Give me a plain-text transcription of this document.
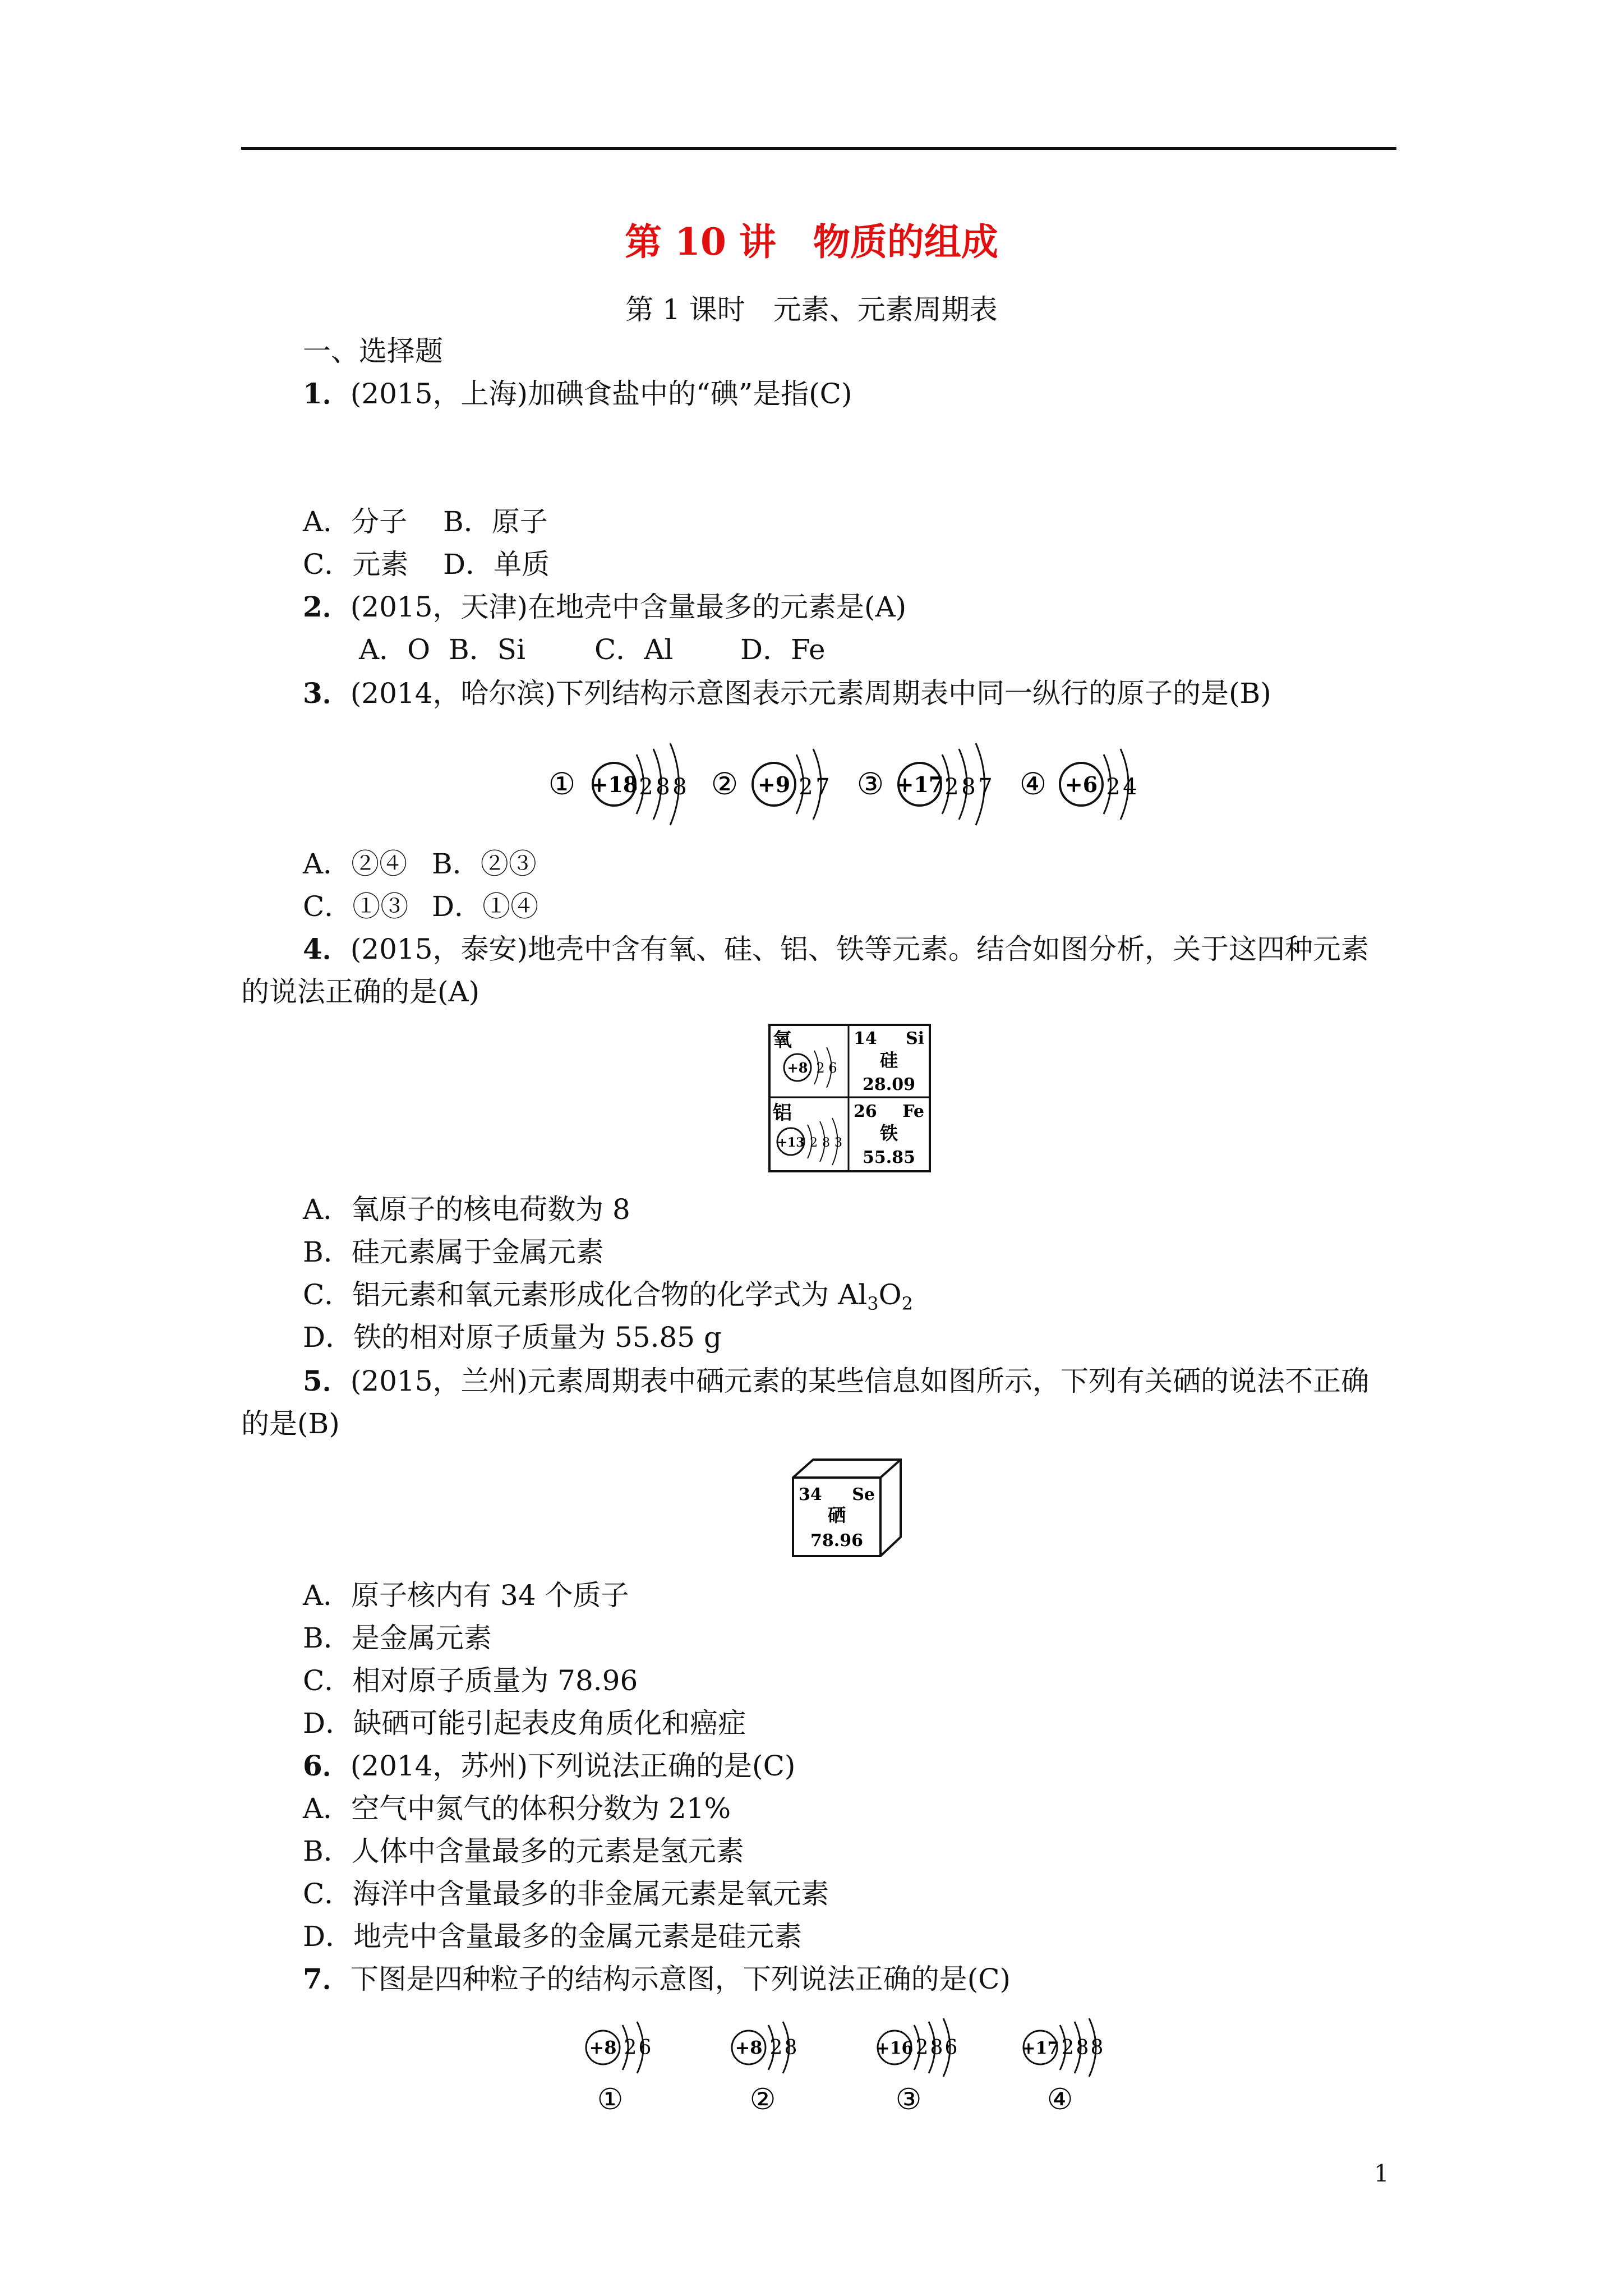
第 10 讲　物质的组成
第 1 课时　元素、元素周期表
一、选择题
1．(2015，上海)加碘食盐中的“碘”是指(C)
A．分子 B．原子
C．元素 D．单质
2．(2015，天津)在地壳中含量最多的元素是(A)
A．O B．Si C．Al D．Fe
3．(2014，哈尔滨)下列结构示意图表示元素周期表中同一纵行的原子的是(B)
① +18 2 8 8 ② +9 2 7 ③ +17 2 8 7 ④ +6 2 4
A．②④ B．②③
C．①③ D．①④
4．(2015，泰安)地壳中含有氧、硅、铝、铁等元素。结合如图分析，关于这四种元素
的说法正确的是(A)
氧
+8 2 6
14 Si
硅
28.09
铝
+13 2 8 3
26 Fe
铁
55.85
A．氧原子的核电荷数为 8
B．硅元素属于金属元素
C．铝元素和氧元素形成化合物的化学式为 $Al_3O_2$
D．铁的相对原子质量为 55.85 g
5．(2015，兰州)元素周期表中硒元素的某些信息如图所示，下列有关硒的说法不正确
的是(B)
34 Se
硒
78.96
A．原子核内有 34 个质子
B．是金属元素
C．相对原子质量为 78.96
D．缺硒可能引起表皮角质化和癌症
6．(2014，苏州)下列说法正确的是(C)
A．空气中氮气的体积分数为 21%
B．人体中含量最多的元素是氢元素
C．海洋中含量最多的非金属元素是氧元素
D．地壳中含量最多的金属元素是硅元素
7．下图是四种粒子的结构示意图，下列说法正确的是(C)
+8 2 6
①
+8 2 8
②
+16 2 8 6
③
+17 2 8 8
④
1
